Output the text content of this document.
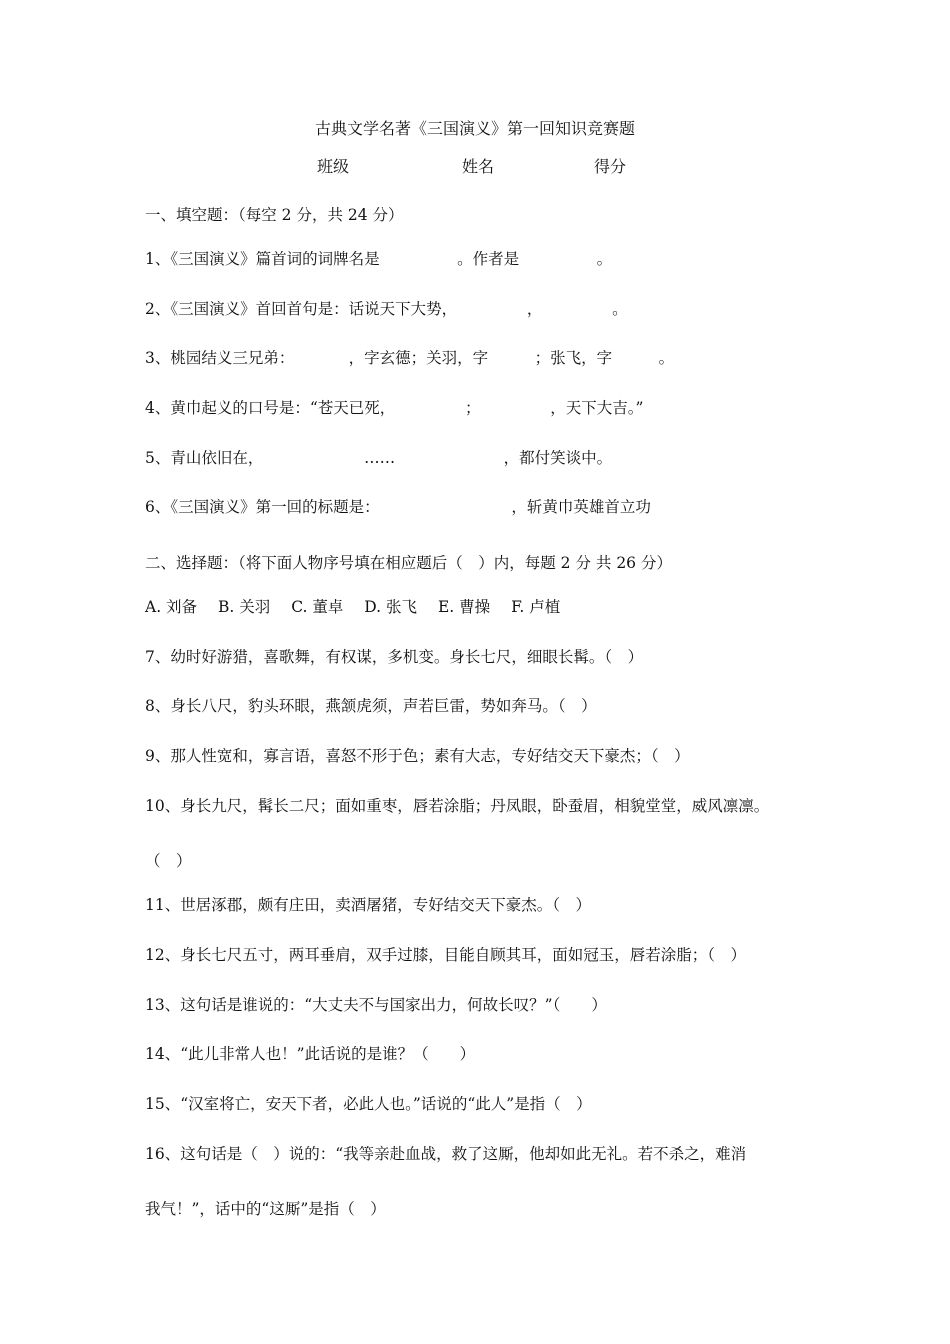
古典文学名著《三国演义》第一回知识竞赛题
班级	姓名	得分
一、填空题：（每空 2 分，共 24 分）
1、《三国演义》篇首词的词牌名是　　　　　。作者是　　　　　。
2、《三国演义》首回首句是：话说天下大势，　　　　　，　　　　　。
3、桃园结义三兄弟：　　　　，字玄德；关羽，字　　　；张飞，字　　　。
4、黄巾起义的口号是：“苍天已死，　　　　　；　　　　　，天下大吉。”
5、青山依旧在，　　　　　　　……　　　　　　　，都付笑谈中。
6、《三国演义》第一回的标题是：　　　　　　　　　，斩黄巾英雄首立功
二、选择题：（将下面人物序号填在相应题后（　）内，每题 2 分 共 26 分）
A. 刘备 B. 关羽 C. 董卓 D. 张飞 E. 曹操 F. 卢植
7、幼时好游猎，喜歌舞，有权谋，多机变。身长七尺，细眼长髯。（　）
8、身长八尺，豹头环眼，燕颔虎须，声若巨雷，势如奔马。（　）
9、那人性宽和，寡言语，喜怒不形于色；素有大志，专好结交天下豪杰；（　）
10、身长九尺，髯长二尺；面如重枣，唇若涂脂；丹凤眼，卧蚕眉，相貌堂堂，威风凛凛。
（　）
11、世居涿郡，颇有庄田，卖酒屠猪，专好结交天下豪杰。（　）
12、身长七尺五寸，两耳垂肩，双手过膝，目能自顾其耳，面如冠玉，唇若涂脂；（　）
13、这句话是谁说的：“大丈夫不与国家出力，何故长叹？”（　　）
14、“此儿非常人也！”此话说的是谁？（　　）
15、“汉室将亡，安天下者，必此人也。”话说的“此人”是指（　）
16、这句话是（　）说的：“我等亲赴血战，救了这厮，他却如此无礼。若不杀之，难消
我气！”，话中的“这厮”是指（　）
